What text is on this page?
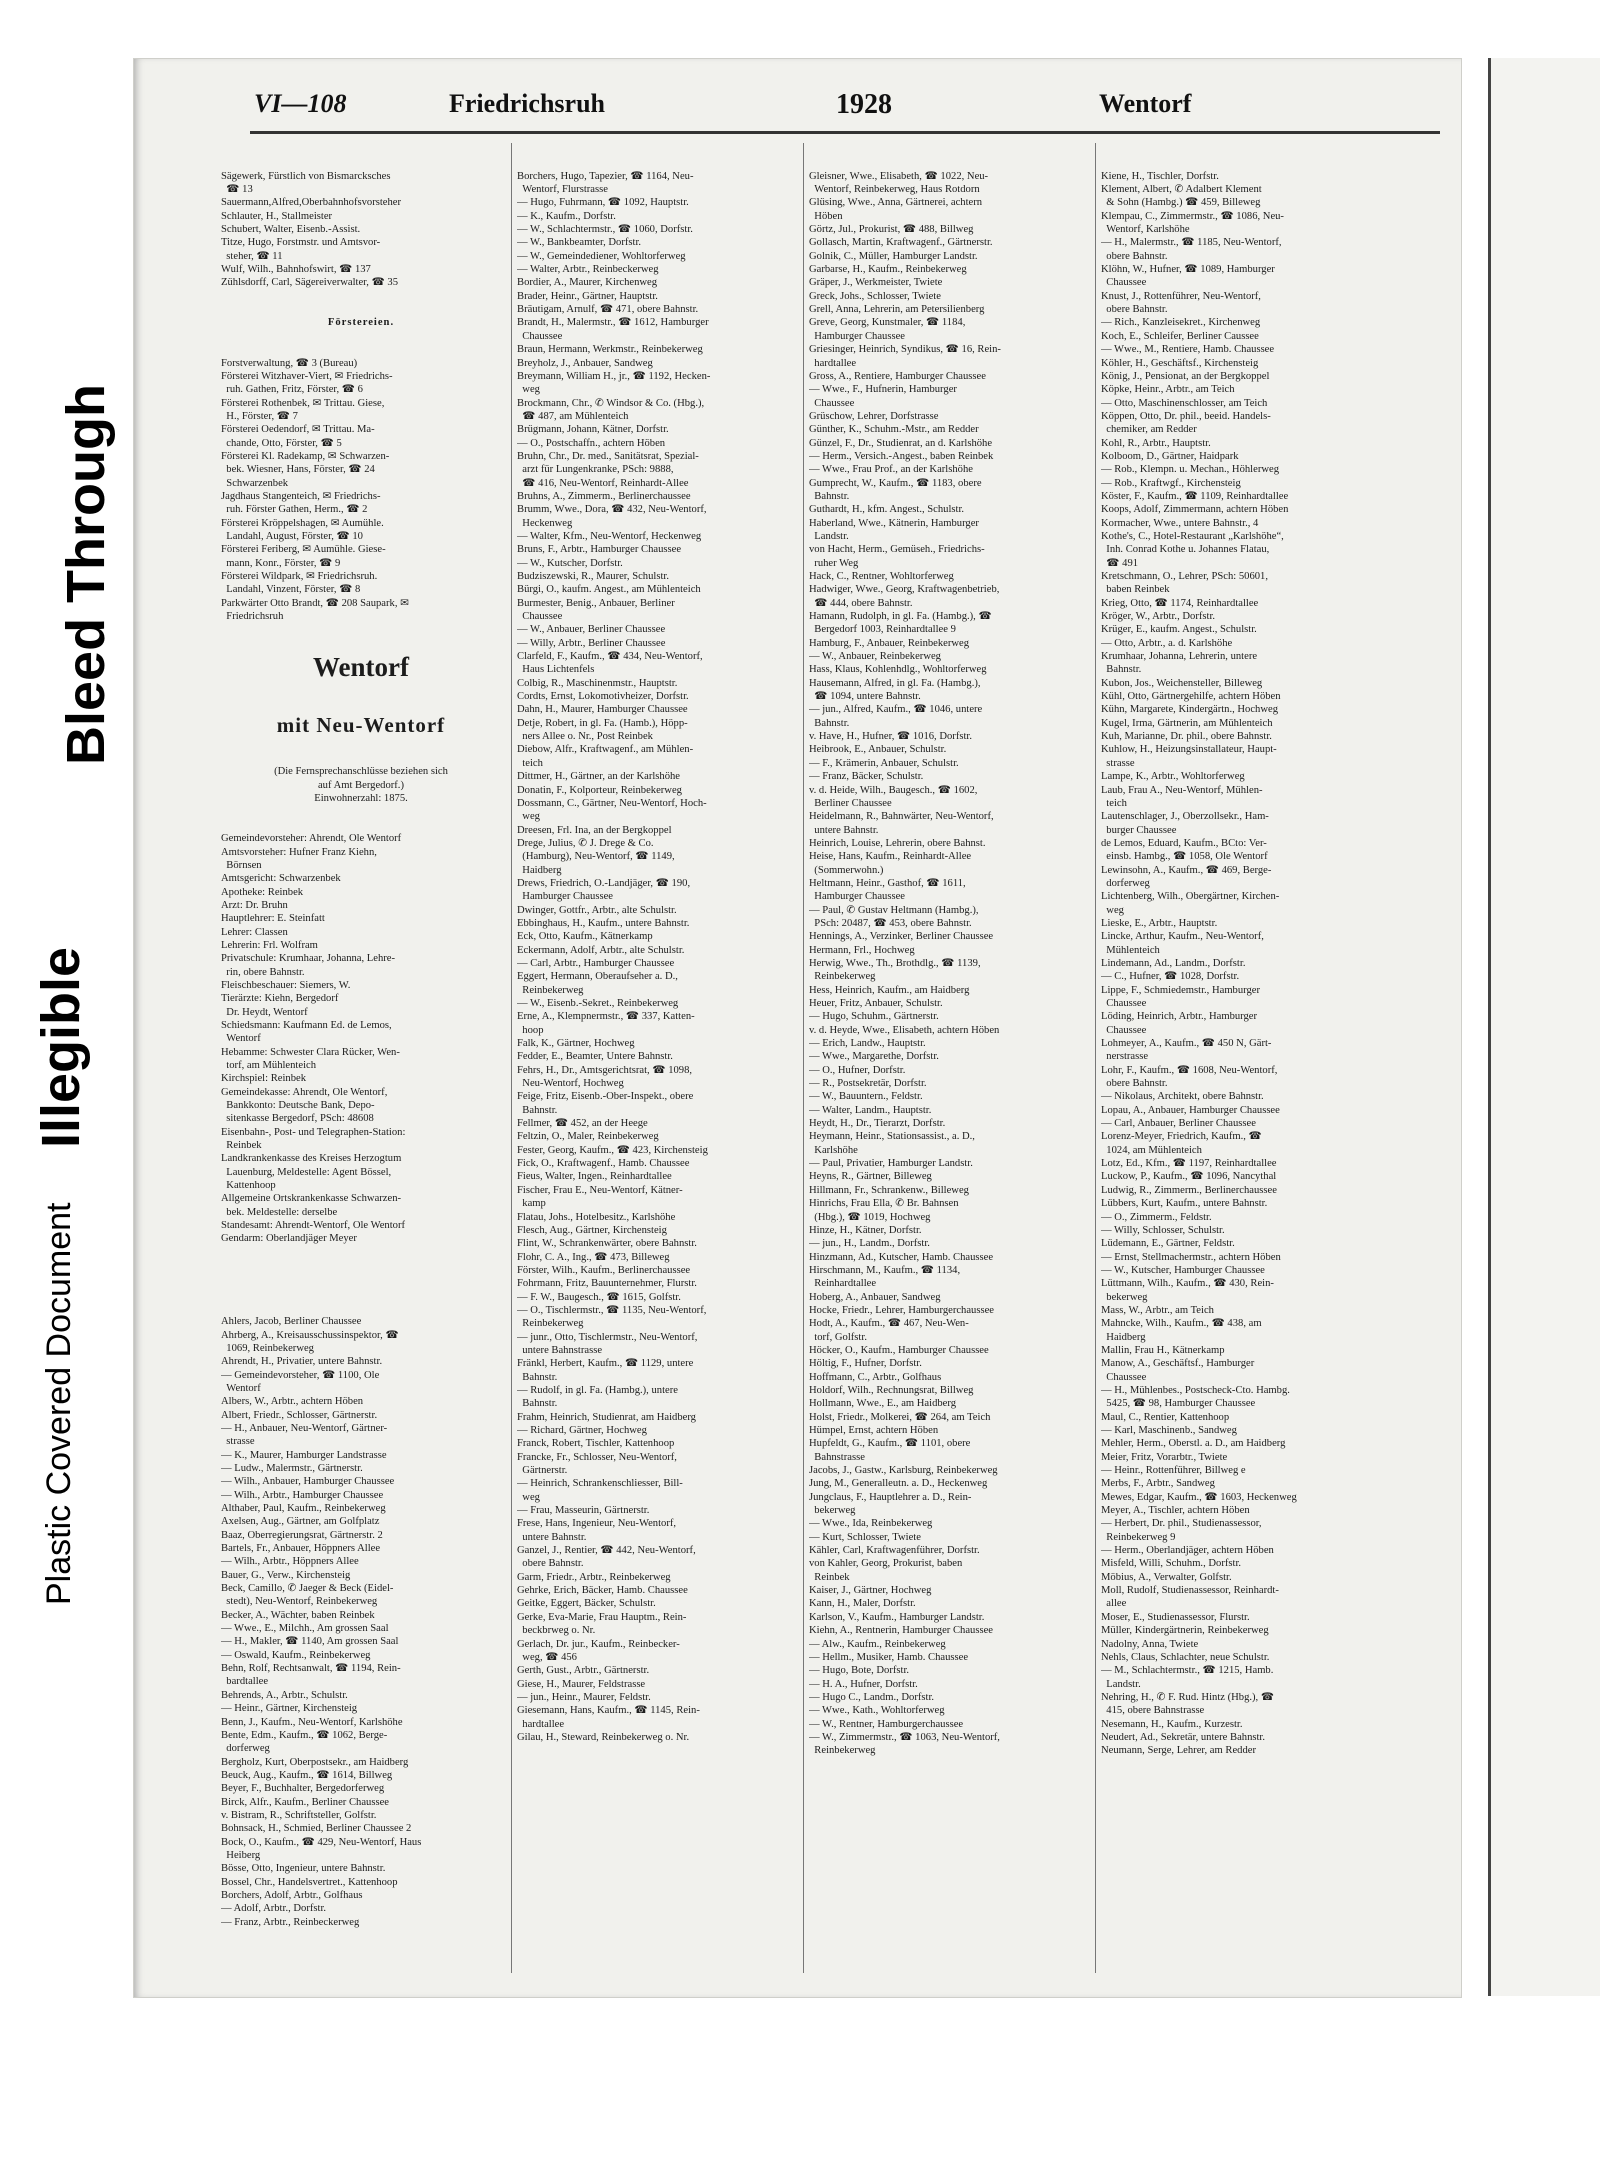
Plastic Covered Document
Illegible
Bleed Through
VI—108	Friedrichsruh	1928	Wentorf

Sägewerk, Fürstlich von Bismarcksches

☎ 13

Sauermann,Alfred,Oberbahnhofsvorsteher

Schlauter, H., Stallmeister

Schubert, Walter, Eisenb.-Assist.

Titze, Hugo, Forstmstr. und Amtsvor-

steher, ☎ 11

Wulf, Wilh., Bahnhofswirt, ☎ 137

Zühlsdorff, Carl, Sägereiverwalter, ☎ 35

Förstereien.

Forstverwaltung, ☎ 3 (Bureau)

Försterei Witzhaver-Viert, ✉ Friedrichs-

ruh. Gathen, Fritz, Förster, ☎ 6

Försterei Rothenbek, ✉ Trittau. Giese,

H., Förster, ☎ 7

Försterei Oedendorf, ✉ Trittau. Ma-

chande, Otto, Förster, ☎ 5

Försterei Kl. Radekamp, ✉ Schwarzen-

bek. Wiesner, Hans, Förster, ☎ 24

Schwarzenbek

Jagdhaus Stangenteich, ✉ Friedrichs-

ruh. Förster Gathen, Herm., ☎ 2

Försterei Kröppelshagen, ✉ Aumühle.

Landahl, August, Förster, ☎ 10

Försterei Feriberg, ✉ Aumühle. Giese-

mann, Konr., Förster, ☎ 9

Försterei Wildpark, ✉ Friedrichsruh.

Landahl, Vinzent, Förster, ☎ 8

Parkwärter Otto Brandt, ☎ 208 Saupark, ✉

Friedrichsruh

Wentorf

mit Neu-Wentorf

(Die Fernsprechanschlüsse beziehen sich

auf Amt Bergedorf.)

Einwohnerzahl: 1875.

Gemeindevorsteher: Ahrendt, Ole Wentorf

Amtsvorsteher: Hufner Franz Kiehn,

Börnsen

Amtsgericht: Schwarzenbek

Apotheke: Reinbek

Arzt: Dr. Bruhn

Hauptlehrer: E. Steinfatt

Lehrer: Classen

Lehrerin: Frl. Wolfram

Privatschule: Krumhaar, Johanna, Lehre-

rin, obere Bahnstr.

Fleischbeschauer: Siemers, W.

Tierärzte: Kiehn, Bergedorf

Dr. Heydt, Wentorf

Schiedsmann: Kaufmann Ed. de Lemos,

Wentorf

Hebamme: Schwester Clara Rücker, Wen-

torf, am Mühlenteich

Kirchspiel: Reinbek

Gemeindekasse: Ahrendt, Ole Wentorf,

Bankkonto: Deutsche Bank, Depo-

sitenkasse Bergedorf, PSch: 48608

Eisenbahn-, Post- und Telegraphen-Station:

Reinbek

Landkrankenkasse des Kreises Herzogtum

Lauenburg, Meldestelle: Agent Bössel,

Kattenhoop

Allgemeine Ortskrankenkasse Schwarzen-

bek. Meldestelle: derselbe

Standesamt: Ahrendt-Wentorf, Ole Wentorf

Gendarm: Oberlandjäger Meyer

Ahlers, Jacob, Berliner Chaussee

Ahrberg, A., Kreisausschussinspektor, ☎

1069, Reinbekerweg

Ahrendt, H., Privatier, untere Bahnstr.

— Gemeindevorsteher, ☎ 1100, Ole

Wentorf

Albers, W., Arbtr., achtern Höben

Albert, Friedr., Schlosser, Gärtnerstr.

— H., Anbauer, Neu-Wentorf, Gärtner-

strasse

— K., Maurer, Hamburger Landstrasse

— Ludw., Malermstr., Gärtnerstr.

— Wilh., Anbauer, Hamburger Chaussee

— Wilh., Arbtr., Hamburger Chaussee

Althaber, Paul, Kaufm., Reinbekerweg

Axelsen, Aug., Gärtner, am Golfplatz

Baaz, Oberregierungsrat, Gärtnerstr. 2

Bartels, Fr., Anbauer, Höppners Allee

— Wilh., Arbtr., Höppners Allee

Bauer, G., Verw., Kirchensteig

Beck, Camillo, ✆ Jaeger & Beck (Eidel-

stedt), Neu-Wentorf, Reinbekerweg

Becker, A., Wächter, baben Reinbek

— Wwe., E., Milchh., Am grossen Saal

— H., Makler, ☎ 1140, Am grossen Saal

— Oswald, Kaufm., Reinbekerweg

Behn, Rolf, Rechtsanwalt, ☎ 1194, Rein-

bardtallee

Behrends, A., Arbtr., Schulstr.

— Heinr., Gärtner, Kirchensteig

Benn, J., Kaufm., Neu-Wentorf, Karlshöhe

Bente, Edm., Kaufm., ☎ 1062, Berge-

dorferweg

Bergholz, Kurt, Oberpostsekr., am Haidberg

Beuck, Aug., Kaufm., ☎ 1614, Billweg

Beyer, F., Buchhalter, Bergedorferweg

Birck, Alfr., Kaufm., Berliner Chaussee

v. Bistram, R., Schriftsteller, Golfstr.

Bohnsack, H., Schmied, Berliner Chaussee 2

Bock, O., Kaufm., ☎ 429, Neu-Wentorf, Haus

Heiberg

Bösse, Otto, Ingenieur, untere Bahnstr.

Bossel, Chr., Handelsvertret., Kattenhoop

Borchers, Adolf, Arbtr., Golfhaus

— Adolf, Arbtr., Dorfstr.

— Franz, Arbtr., Reinbeckerweg

Borchers, Hugo, Tapezier, ☎ 1164, Neu-

Wentorf, Flurstrasse

— Hugo, Fuhrmann, ☎ 1092, Hauptstr.

— K., Kaufm., Dorfstr.

— W., Schlachtermstr., ☎ 1060, Dorfstr.

— W., Bankbeamter, Dorfstr.

— W., Gemeindediener, Wohltorferweg

— Walter, Arbtr., Reinbeckerweg

Bordier, A., Maurer, Kirchenweg

Brader, Heinr., Gärtner, Hauptstr.

Bräutigam, Arnulf, ☎ 471, obere Bahnstr.

Brandt, H., Malermstr., ☎ 1612, Hamburger

Chaussee

Braun, Hermann, Werkmstr., Reinbekerweg

Breyholz, J., Anbauer, Sandweg

Breymann, William H., jr., ☎ 1192, Hecken-

weg

Brockmann, Chr., ✆ Windsor & Co. (Hbg.),

☎ 487, am Mühlenteich

Brügmann, Johann, Kätner, Dorfstr.

— O., Postschaffn., achtern Höben

Bruhn, Chr., Dr. med., Sanitätsrat, Spezial-

arzt für Lungenkranke, PSch: 9888,

☎ 416, Neu-Wentorf, Reinhardt-Allee

Bruhns, A., Zimmerm., Berlinerchaussee

Brumm, Wwe., Dora, ☎ 432, Neu-Wentorf,

Heckenweg

— Walter, Kfm., Neu-Wentorf, Heckenweg

Bruns, F., Arbtr., Hamburger Chaussee

— W., Kutscher, Dorfstr.

Budziszewski, R., Maurer, Schulstr.

Bürgi, O., kaufm. Angest., am Mühlenteich

Burmester, Benig., Anbauer, Berliner

Chaussee

— W., Anbauer, Berliner Chaussee

— Willy, Arbtr., Berliner Chaussee

Clarfeld, F., Kaufm., ☎ 434, Neu-Wentorf,

Haus Lichtenfels

Colbig, R., Maschinenmstr., Hauptstr.

Cordts, Ernst, Lokomotivheizer, Dorfstr.

Dahn, H., Maurer, Hamburger Chaussee

Detje, Robert, in gl. Fa. (Hamb.), Höpp-

ners Allee o. Nr., Post Reinbek

Diebow, Alfr., Kraftwagenf., am Mühlen-

teich

Dittmer, H., Gärtner, an der Karlshöhe

Donatin, F., Kolporteur, Reinbekerweg

Dossmann, C., Gärtner, Neu-Wentorf, Hoch-

weg

Dreesen, Frl. Ina, an der Bergkoppel

Drege, Julius, ✆ J. Drege & Co.

(Hamburg), Neu-Wentorf, ☎ 1149,

Haidberg

Drews, Friedrich, O.-Landjäger, ☎ 190,

Hamburger Chaussee

Dwinger, Gottfr., Arbtr., alte Schulstr.

Ebbinghaus, H., Kaufm., untere Bahnstr.

Eck, Otto, Kaufm., Kätnerkamp

Eckermann, Adolf, Arbtr., alte Schulstr.

— Carl, Arbtr., Hamburger Chaussee

Eggert, Hermann, Oberaufseher a. D.,

Reinbekerweg

— W., Eisenb.-Sekret., Reinbekerweg

Erne, A., Klempnermstr., ☎ 337, Katten-

hoop

Falk, K., Gärtner, Hochweg

Fedder, E., Beamter, Untere Bahnstr.

Fehrs, H., Dr., Amtsgerichtsrat, ☎ 1098,

Neu-Wentorf, Hochweg

Feige, Fritz, Eisenb.-Ober-Inspekt., obere

Bahnstr.

Fellmer, ☎ 452, an der Heege

Feltzin, O., Maler, Reinbekerweg

Fester, Georg, Kaufm., ☎ 423, Kirchensteig

Fick, O., Kraftwagenf., Hamb. Chaussee

Fieus, Walter, Ingen., Reinhardtallee

Fischer, Frau E., Neu-Wentorf, Kätner-

kamp

Flatau, Johs., Hotelbesitz., Karlshöhe

Flesch, Aug., Gärtner, Kirchensteig

Flint, W., Schrankenwärter, obere Bahnstr.

Flohr, C. A., Ing., ☎ 473, Billeweg

Förster, Wilh., Kaufm., Berlinerchaussee

Fohrmann, Fritz, Bauunternehmer, Flurstr.

— F. W., Baugesch., ☎ 1615, Golfstr.

— O., Tischlermstr., ☎ 1135, Neu-Wentorf,

Reinbekerweg

— junr., Otto, Tischlermstr., Neu-Wentorf,

untere Bahnstrasse

Fränkl, Herbert, Kaufm., ☎ 1129, untere

Bahnstr.

— Rudolf, in gl. Fa. (Hambg.), untere

Bahnstr.

Frahm, Heinrich, Studienrat, am Haidberg

— Richard, Gärtner, Hochweg

Franck, Robert, Tischler, Kattenhoop

Francke, Fr., Schlosser, Neu-Wentorf,

Gärtnerstr.

— Heinrich, Schrankenschliesser, Bill-

weg

— Frau, Masseurin, Gärtnerstr.

Frese, Hans, Ingenieur, Neu-Wentorf,

untere Bahnstr.

Ganzel, J., Rentier, ☎ 442, Neu-Wentorf,

obere Bahnstr.

Garm, Friedr., Arbtr., Reinbekerweg

Gehrke, Erich, Bäcker, Hamb. Chaussee

Geitke, Eggert, Bäcker, Schulstr.

Gerke, Eva-Marie, Frau Hauptm., Rein-

beckbrweg o. Nr.

Gerlach, Dr. jur., Kaufm., Reinbecker-

weg, ☎ 456

Gerth, Gust., Arbtr., Gärtnerstr.

Giese, H., Maurer, Feldstrasse

— jun., Heinr., Maurer, Feldstr.

Giesemann, Hans, Kaufm., ☎ 1145, Rein-

hardtallee

Gilau, H., Steward, Reinbekerweg o. Nr.

Gleisner, Wwe., Elisabeth, ☎ 1022, Neu-

Wentorf, Reinbekerweg, Haus Rotdorn

Glüsing, Wwe., Anna, Gärtnerei, achtern

Höben

Görtz, Jul., Prokurist, ☎ 488, Billweg

Gollasch, Martin, Kraftwagenf., Gärtnerstr.

Golnik, C., Müller, Hamburger Landstr.

Garbarse, H., Kaufm., Reinbekerweg

Gräper, J., Werkmeister, Twiete

Greck, Johs., Schlosser, Twiete

Grell, Anna, Lehrerin, am Petersilienberg

Greve, Georg, Kunstmaler, ☎ 1184,

Hamburger Chaussee

Griesinger, Heinrich, Syndikus, ☎ 16, Rein-

hardtallee

Gross, A., Rentiere, Hamburger Chaussee

— Wwe., F., Hufnerin, Hamburger

Chaussee

Grüschow, Lehrer, Dorfstrasse

Günther, K., Schuhm.-Mstr., am Redder

Günzel, F., Dr., Studienrat, an d. Karlshöhe

— Herm., Versich.-Angest., baben Reinbek

— Wwe., Frau Prof., an der Karlshöhe

Gumprecht, W., Kaufm., ☎ 1183, obere

Bahnstr.

Guthardt, H., kfm. Angest., Schulstr.

Haberland, Wwe., Kätnerin, Hamburger

Landstr.

von Hacht, Herm., Gemüseh., Friedrichs-

ruher Weg

Hack, C., Rentner, Wohltorferweg

Hadwiger, Wwe., Georg, Kraftwagenbetrieb,

☎ 444, obere Bahnstr.

Hamann, Rudolph, in gl. Fa. (Hambg.), ☎

Bergedorf 1003, Reinhardtallee 9

Hamburg, F., Anbauer, Reinbekerweg

— W., Anbauer, Reinbekerweg

Hass, Klaus, Kohlenhdlg., Wohltorferweg

Hausemann, Alfred, in gl. Fa. (Hambg.),

☎ 1094, untere Bahnstr.

— jun., Alfred, Kaufm., ☎ 1046, untere

Bahnstr.

v. Have, H., Hufner, ☎ 1016, Dorfstr.

Heibrook, E., Anbauer, Schulstr.

— F., Krämerin, Anbauer, Schulstr.

— Franz, Bäcker, Schulstr.

v. d. Heide, Wilh., Baugesch., ☎ 1602,

Berliner Chaussee

Heidelmann, R., Bahnwärter, Neu-Wentorf,

untere Bahnstr.

Heinrich, Louise, Lehrerin, obere Bahnst.

Heise, Hans, Kaufm., Reinhardt-Allee

(Sommerwohn.)

Heltmann, Heinr., Gasthof, ☎ 1611,

Hamburger Chaussee

— Paul, ✆ Gustav Heltmann (Hambg.),

PSch: 20487, ☎ 453, obere Bahnstr.

Hennings, A., Verzinker, Berliner Chaussee

Hermann, Frl., Hochweg

Herwig, Wwe., Th., Brothdlg., ☎ 1139,

Reinbekerweg

Hess, Heinrich, Kaufm., am Haidberg

Heuer, Fritz, Anbauer, Schulstr.

— Hugo, Schuhm., Gärtnerstr.

v. d. Heyde, Wwe., Elisabeth, achtern Höben

— Erich, Landw., Hauptstr.

— Wwe., Margarethe, Dorfstr.

— O., Hufner, Dorfstr.

— R., Postsekretär, Dorfstr.

— W., Bauuntern., Feldstr.

— Walter, Landm., Hauptstr.

Heydt, H., Dr., Tierarzt, Dorfstr.

Heymann, Heinr., Stationsassist., a. D.,

Karlshöhe

— Paul, Privatier, Hamburger Landstr.

Heyns, R., Gärtner, Billeweg

Hillmann, Fr., Schrankenw., Billeweg

Hinrichs, Frau Ella, ✆ Br. Bahnsen

(Hbg.), ☎ 1019, Hochweg

Hinze, H., Kätner, Dorfstr.

— jun., H., Landm., Dorfstr.

Hinzmann, Ad., Kutscher, Hamb. Chaussee

Hirschmann, M., Kaufm., ☎ 1134,

Reinhardtallee

Hoberg, A., Anbauer, Sandweg

Hocke, Friedr., Lehrer, Hamburgerchaussee

Hodt, A., Kaufm., ☎ 467, Neu-Wen-

torf, Golfstr.

Höcker, O., Kaufm., Hamburger Chaussee

Höltig, F., Hufner, Dorfstr.

Hoffmann, C., Arbtr., Golfhaus

Holdorf, Wilh., Rechnungsrat, Billweg

Hollmann, Wwe., E., am Haidberg

Holst, Friedr., Molkerei, ☎ 264, am Teich

Hümpel, Ernst, achtern Höben

Hupfeldt, G., Kaufm., ☎ 1101, obere

Bahnstrasse

Jacobs, J., Gastw., Karlsburg, Reinbekerweg

Jung, M., Generalleutn. a. D., Heckenweg

Jungclaus, F., Hauptlehrer a. D., Rein-

bekerweg

— Wwe., Ida, Reinbekerweg

— Kurt, Schlosser, Twiete

Kähler, Carl, Kraftwagenführer, Dorfstr.

von Kahler, Georg, Prokurist, baben

Reinbek

Kaiser, J., Gärtner, Hochweg

Kann, H., Maler, Dorfstr.

Karlson, V., Kaufm., Hamburger Landstr.

Kiehn, A., Rentnerin, Hamburger Chaussee

— Alw., Kaufm., Reinbekerweg

— Hellm., Musiker, Hamb. Chaussee

— Hugo, Bote, Dorfstr.

— H. A., Hufner, Dorfstr.

— Hugo C., Landm., Dorfstr.

— Wwe., Kath., Wohltorferweg

— W., Rentner, Hamburgerchaussee

— W., Zimmermstr., ☎ 1063, Neu-Wentorf,

Reinbekerweg

Kiene, H., Tischler, Dorfstr.

Klement, Albert, ✆ Adalbert Klement

& Sohn (Hambg.) ☎ 459, Billeweg

Klempau, C., Zimmermstr., ☎ 1086, Neu-

Wentorf, Karlshöhe

— H., Malermstr., ☎ 1185, Neu-Wentorf,

obere Bahnstr.

Klöhn, W., Hufner, ☎ 1089, Hamburger

Chaussee

Knust, J., Rottenführer, Neu-Wentorf,

obere Bahnstr.

— Rich., Kanzleisekret., Kirchenweg

Koch, E., Schleifer, Berliner Caussee

— Wwe., M., Rentiere, Hamb. Chaussee

Köhler, H., Geschäftsf., Kirchensteig

König, J., Pensionat, an der Bergkoppel

Köpke, Heinr., Arbtr., am Teich

— Otto, Maschinenschlosser, am Teich

Köppen, Otto, Dr. phil., beeid. Handels-

chemiker, am Redder

Kohl, R., Arbtr., Hauptstr.

Kolboom, D., Gärtner, Haidpark

— Rob., Klempn. u. Mechan., Höhlerweg

— Rob., Kraftwgf., Kirchensteig

Köster, F., Kaufm., ☎ 1109, Reinhardtallee

Koops, Adolf, Zimmermann, achtern Höben

Kormacher, Wwe., untere Bahnstr., 4

Kothe's, C., Hotel-Restaurant „Karlshöhe“,

Inh. Conrad Kothe u. Johannes Flatau,

☎ 491

Kretschmann, O., Lehrer, PSch: 50601,

baben Reinbek

Krieg, Otto, ☎ 1174, Reinhardtallee

Kröger, W., Arbtr., Dorfstr.

Krüger, E., kaufm. Angest., Schulstr.

— Otto, Arbtr., a. d. Karlshöhe

Krumhaar, Johanna, Lehrerin, untere

Bahnstr.

Kubon, Jos., Weichensteller, Billeweg

Kühl, Otto, Gärtnergehilfe, achtern Höben

Kühn, Margarete, Kindergärtn., Hochweg

Kugel, Irma, Gärtnerin, am Mühlenteich

Kuh, Marianne, Dr. phil., obere Bahnstr.

Kuhlow, H., Heizungsinstallateur, Haupt-

strasse

Lampe, K., Arbtr., Wohltorferweg

Laub, Frau A., Neu-Wentorf, Mühlen-

teich

Lautenschlager, J., Oberzollsekr., Ham-

burger Chaussee

de Lemos, Eduard, Kaufm., BCto: Ver-

einsb. Hambg., ☎ 1058, Ole Wentorf

Lewinsohn, A., Kaufm., ☎ 469, Berge-

dorferweg

Lichtenberg, Wilh., Obergärtner, Kirchen-

weg

Lieske, E., Arbtr., Hauptstr.

Lincke, Arthur, Kaufm., Neu-Wentorf,

Mühlenteich

Lindemann, Ad., Landm., Dorfstr.

— C., Hufner, ☎ 1028, Dorfstr.

Lippe, F., Schmiedemstr., Hamburger

Chaussee

Löding, Heinrich, Arbtr., Hamburger

Chaussee

Lohmeyer, A., Kaufm., ☎ 450 N, Gärt-

nerstrasse

Lohr, F., Kaufm., ☎ 1608, Neu-Wentorf,

obere Bahnstr.

— Nikolaus, Architekt, obere Bahnstr.

Lopau, A., Anbauer, Hamburger Chaussee

— Carl, Anbauer, Berliner Chaussee

Lorenz-Meyer, Friedrich, Kaufm., ☎

1024, am Mühlenteich

Lotz, Ed., Kfm., ☎ 1197, Reinhardtallee

Luckow, P., Kaufm., ☎ 1096, Nancythal

Ludwig, R., Zimmerm., Berlinerchaussee

Lübbers, Kurt, Kaufm., untere Bahnstr.

— O., Zimmerm., Feldstr.

— Willy, Schlosser, Schulstr.

Lüdemann, E., Gärtner, Feldstr.

— Ernst, Stellmachermstr., achtern Höben

— W., Kutscher, Hamburger Chaussee

Lüttmann, Wilh., Kaufm., ☎ 430, Rein-

bekerweg

Mass, W., Arbtr., am Teich

Mahncke, Wilh., Kaufm., ☎ 438, am

Haidberg

Mallin, Frau H., Kätnerkamp

Manow, A., Geschäftsf., Hamburger

Chaussee

— H., Mühlenbes., Postscheck-Cto. Hambg.

5425, ☎ 98, Hamburger Chaussee

Maul, C., Rentier, Kattenhoop

— Karl, Maschinenb., Sandweg

Mehler, Herm., Oberstl. a. D., am Haidberg

Meier, Fritz, Vorarbtr., Twiete

— Heinr., Rottenführer, Billweg e

Merbs, F., Arbtr., Sandweg

Mewes, Edgar, Kaufm., ☎ 1603, Heckenweg

Meyer, A., Tischler, achtern Höben

— Herbert, Dr. phil., Studienassessor,

Reinbekerweg 9

— Herm., Oberlandjäger, achtern Höben

Misfeld, Willi, Schuhm., Dorfstr.

Möbius, A., Verwalter, Golfstr.

Moll, Rudolf, Studienassessor, Reinhardt-

allee

Moser, E., Studienassessor, Flurstr.

Müller, Kindergärtnerin, Reinbekerweg

Nadolny, Anna, Twiete

Nehls, Claus, Schlachter, neue Schulstr.

— M., Schlachtermstr., ☎ 1215, Hamb.

Landstr.

Nehring, H., ✆ F. Rud. Hintz (Hbg.), ☎

415, obere Bahnstrasse

Nesemann, H., Kaufm., Kurzestr.

Neudert, Ad., Sekretär, untere Bahnstr.

Neumann, Serge, Lehrer, am Redder
